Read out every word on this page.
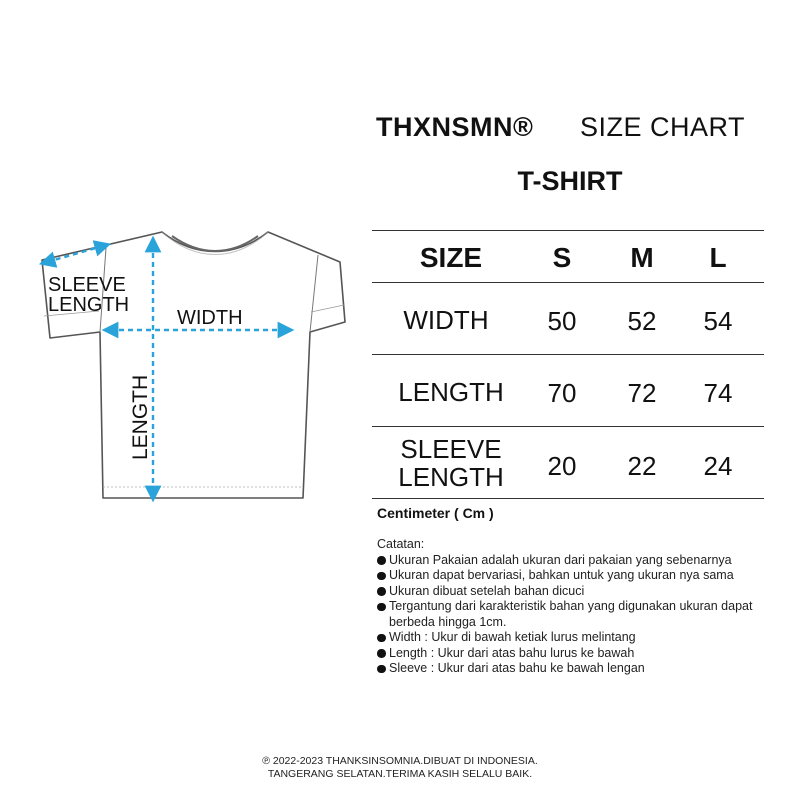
SLEEVE
LENGTH
WIDTH
LENGTH
THXNSMN® SIZE CHART
T-SHIRT
SIZE	S	M	L
WIDTH	50	52	54
LENGTH	70	72	74
SLEEVE
LENGTH	20	22	24
Centimeter ( Cm )
Catatan:
Ukuran Pakaian adalah ukuran dari pakaian yang sebenarnya
Ukuran dapat bervariasi, bahkan untuk yang ukuran nya sama
Ukuran dibuat setelah bahan dicuci
Tergantung dari karakteristik bahan yang digunakan ukuran dapat berbeda hingga 1cm.
Width : Ukur di bawah ketiak lurus melintang
Length : Ukur dari atas bahu lurus ke bawah
Sleeve : Ukur dari atas bahu ke bawah lengan
℗ 2022-2023 THANKSINSOMNIA.DIBUAT DI INDONESIA.
TANGERANG SELATAN.TERIMA KASIH SELALU BAIK.
